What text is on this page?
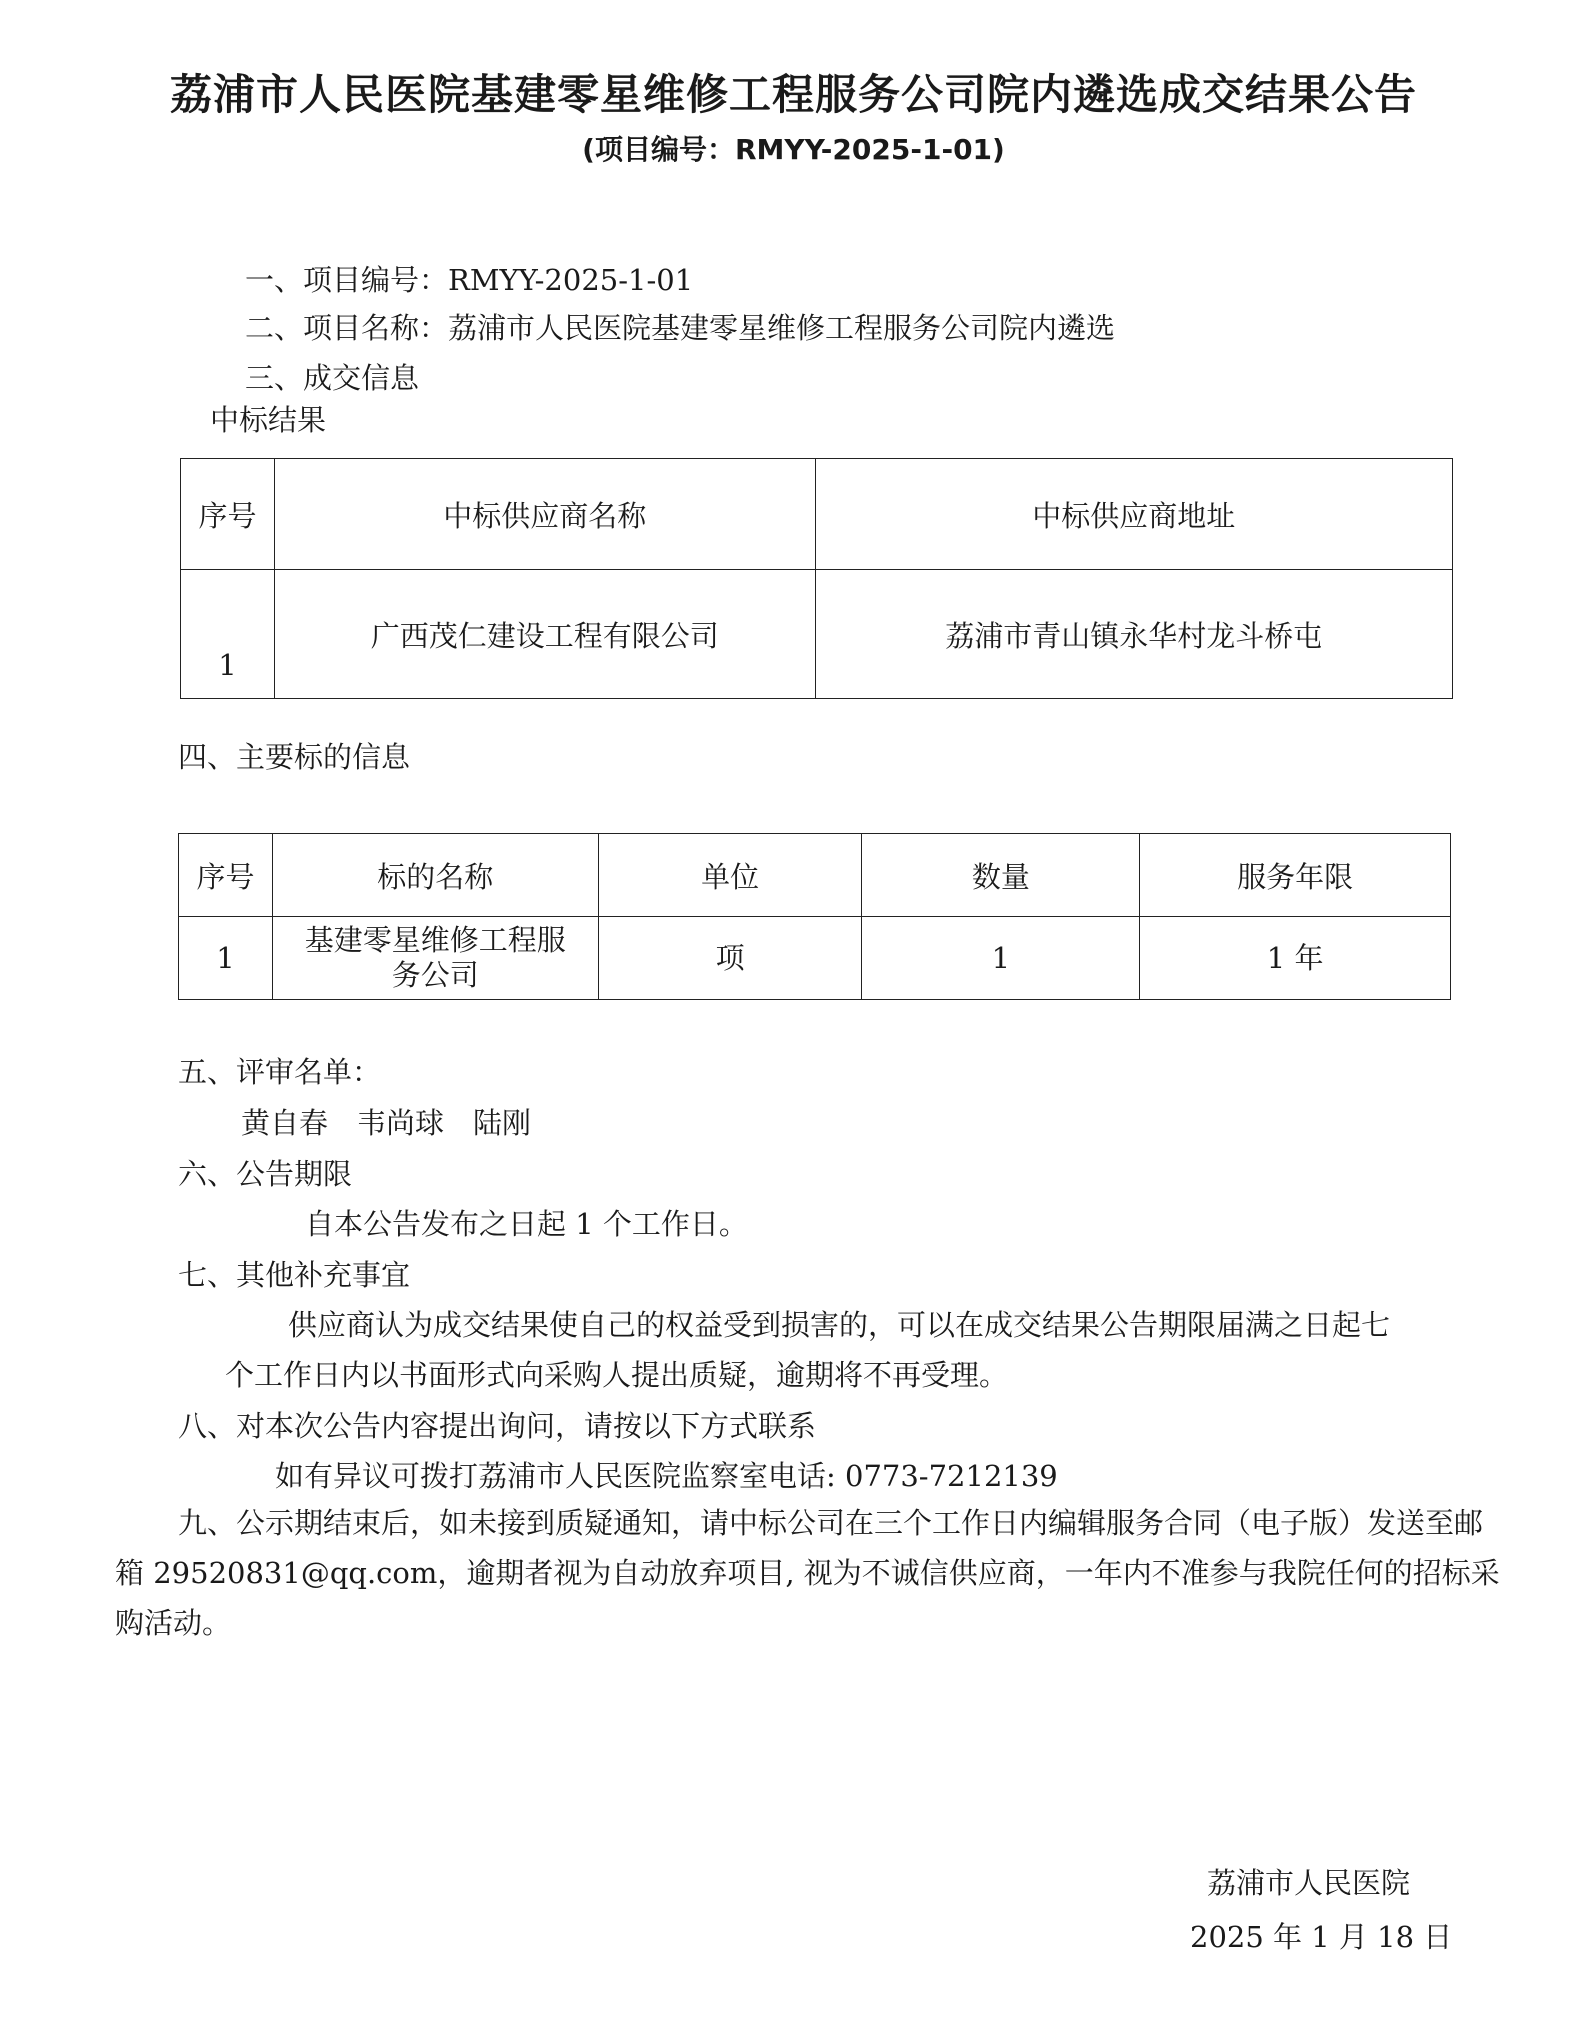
荔浦市人民医院基建零星维修工程服务公司院内遴选成交结果公告
(项目编号：RMYY-2025-1-01)
一、项目编号：RMYY-2025-1-01
二、项目名称：荔浦市人民医院基建零星维修工程服务公司院内遴选
三、成交信息
中标结果
序号	中标供应商名称	中标供应商地址
1	广西茂仁建设工程有限公司	荔浦市青山镇永华村龙斗桥屯
四、主要标的信息
序号	标的名称	单位	数量	服务年限
1	基建零星维修工程服务公司	项	1	1 年
五、评审名单：
黄自春　韦尚球　陆刚
六、公告期限
自本公告发布之日起 1 个工作日。
七、其他补充事宜
供应商认为成交结果使自己的权益受到损害的，可以在成交结果公告期限届满之日起七
个工作日内以书面形式向采购人提出质疑，逾期将不再受理。
八、对本次公告内容提出询问，请按以下方式联系
如有异议可拨打荔浦市人民医院监察室电话: 0773-7212139
九、公示期结束后，如未接到质疑通知，请中标公司在三个工作日内编辑服务合同（电子版）发送至邮箱 29520831@qq.com，逾期者视为自动放弃项目, 视为不诚信供应商，一年内不准参与我院任何的招标采购活动。
荔浦市人民医院
2025 年 1 月 18 日
